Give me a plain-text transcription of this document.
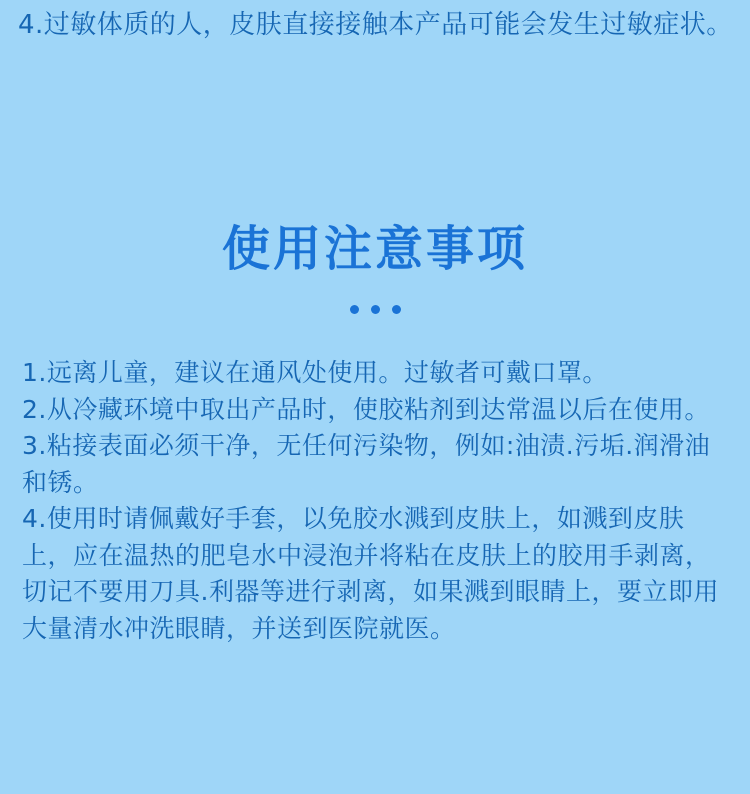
4.过敏体质的人，皮肤直接接触本产品可能会发生过敏症状。

使用注意事项
1.远离儿童，建议在通风处使用。过敏者可戴口罩。
2.从冷藏环境中取出产品时，使胶粘剂到达常温以后在使用。
3.粘接表面必须干净，无任何污染物，例如:油渍.污垢.润滑油和锈。
4.使用时请佩戴好手套，以免胶水溅到皮肤上，如溅到皮肤上，应在温热的肥皂水中浸泡并将粘在皮肤上的胶用手剥离，切记不要用刀具.利器等进行剥离，如果溅到眼睛上，要立即用大量清水冲洗眼睛，并送到医院就医。
